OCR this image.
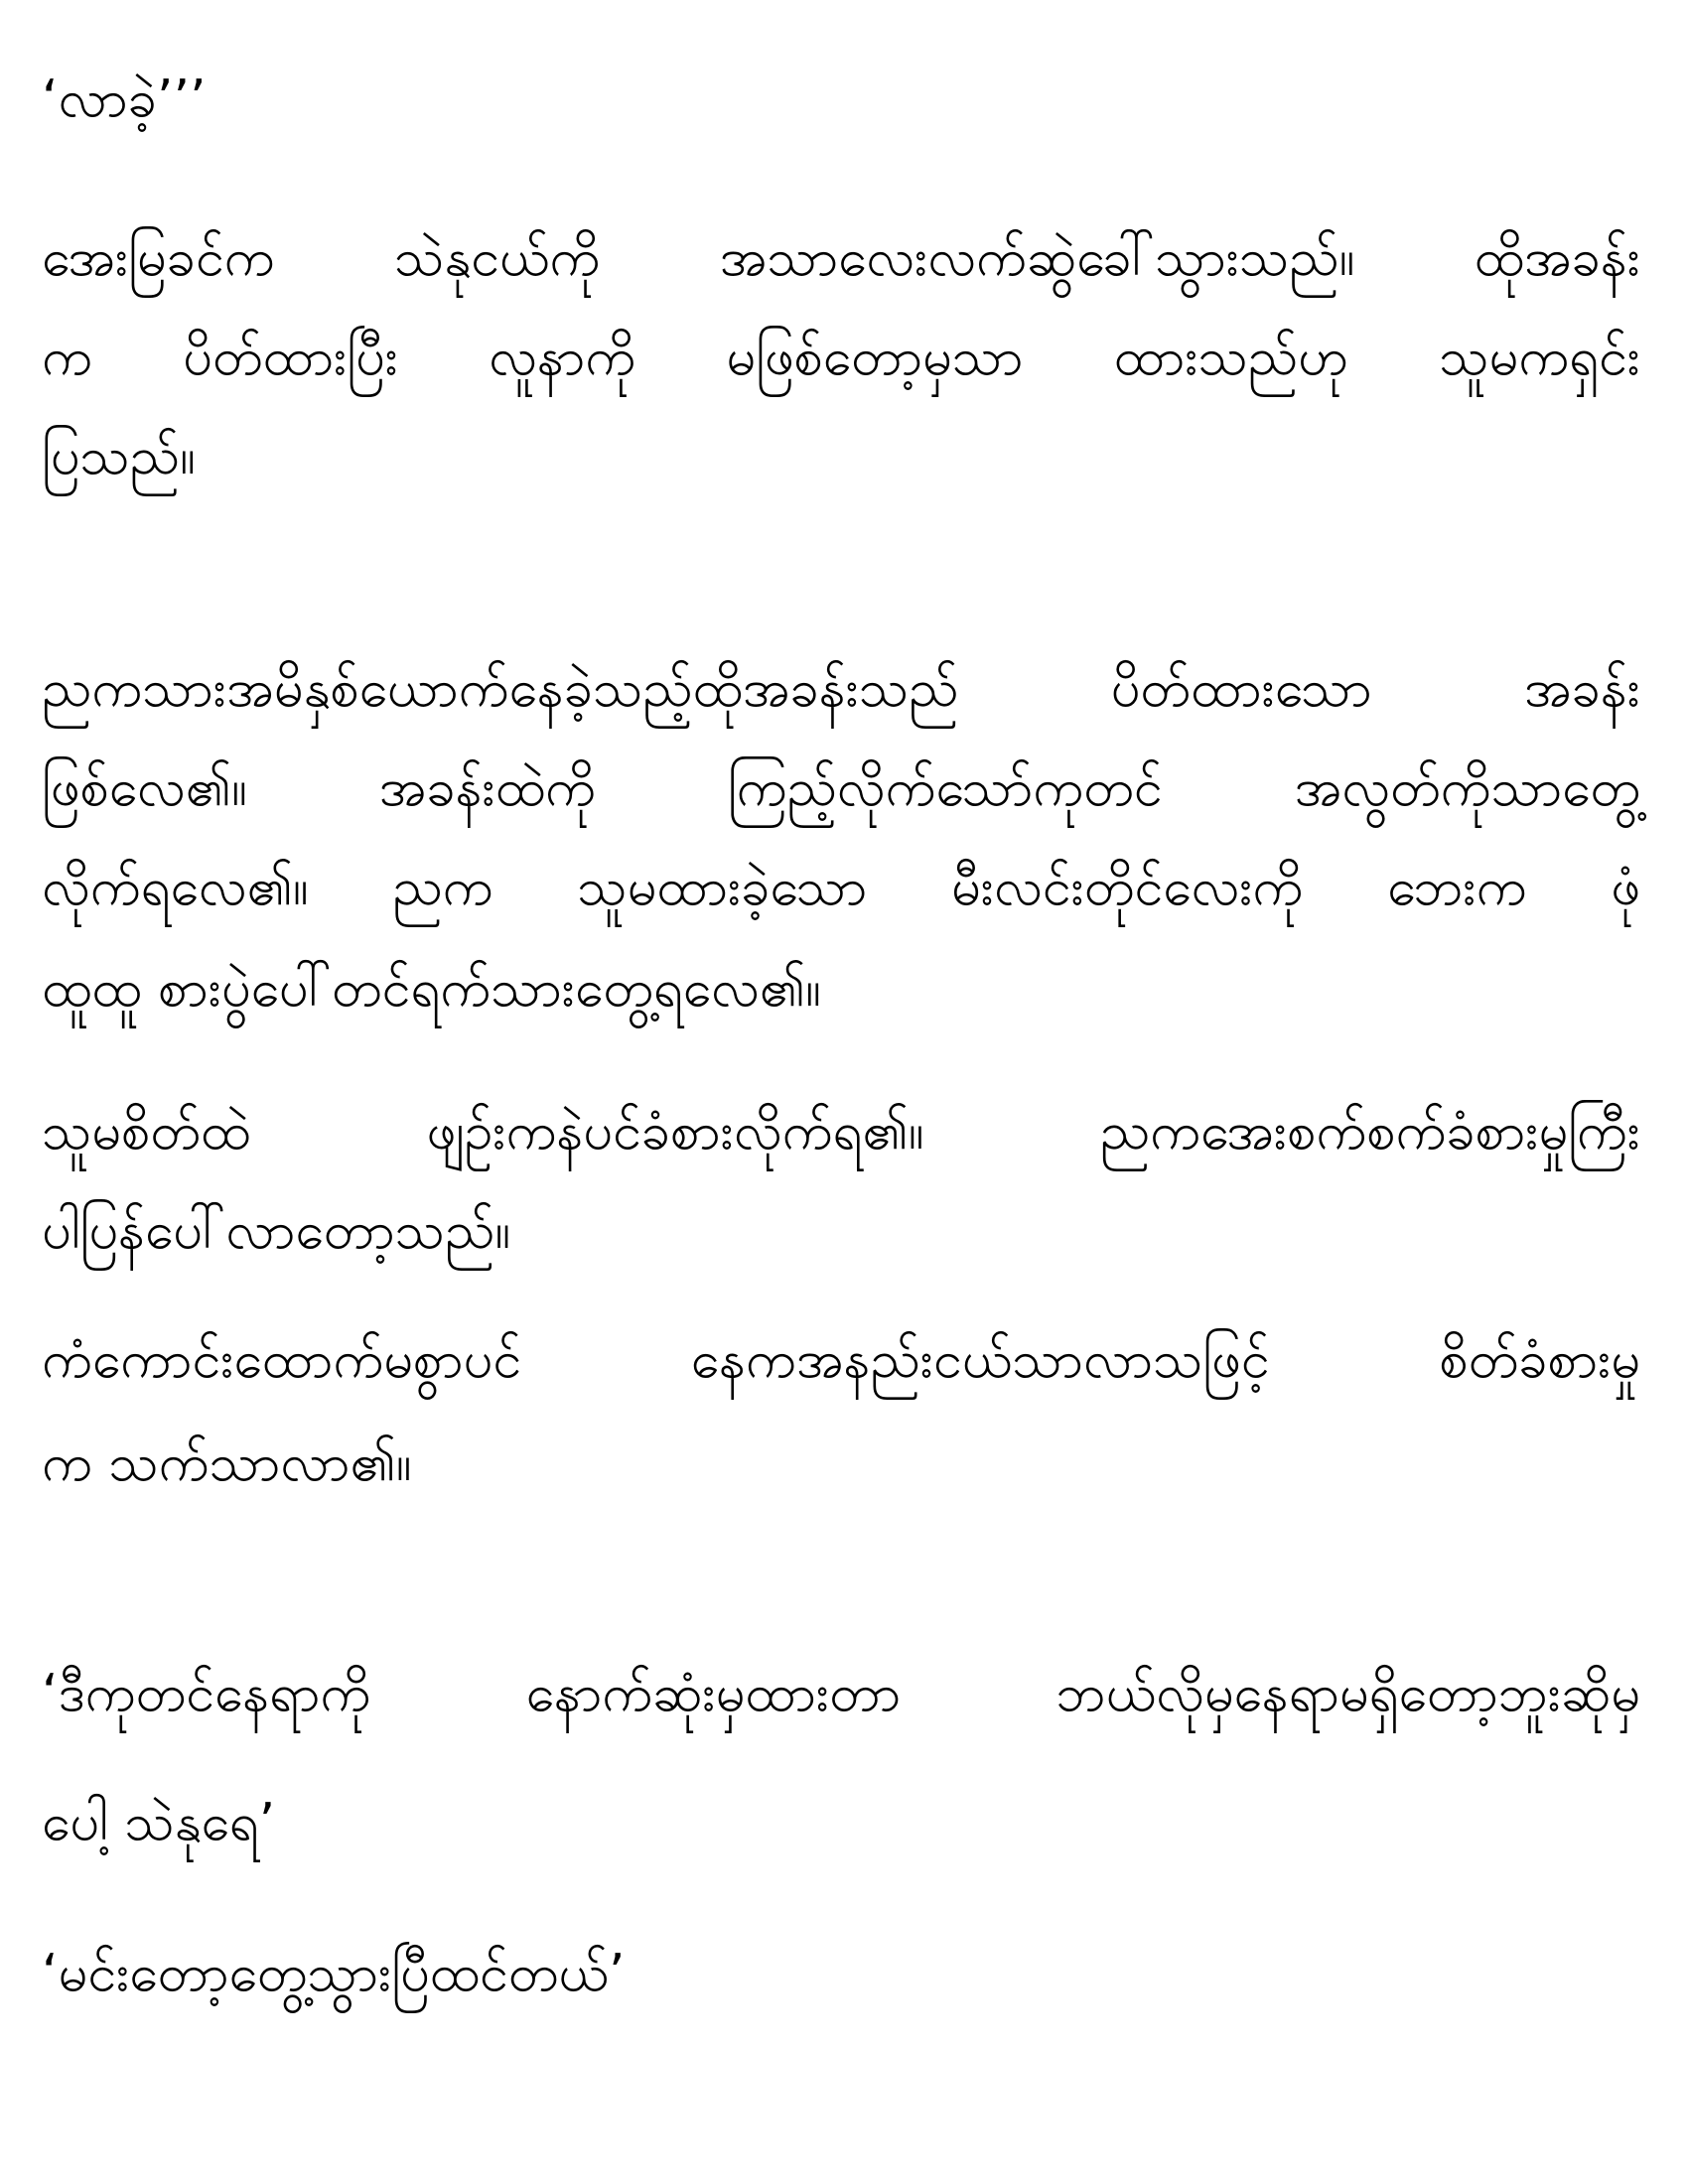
‘လာခဲ့’’’

အေးမြခင်က သဲနုငယ်ကို အသာလေးလက်ဆွဲခေါ်သွားသည်။ ထိုအခန်း

က ပိတ်ထားပြီး လူနာကို မဖြစ်တော့မှသာ ထားသည်ဟု သူမကရှင်း

ပြသည်။

ညကသားအမိနှစ်ယောက်နေခဲ့သည့်ထိုအခန်းသည် ပိတ်ထားသော အခန်း

ဖြစ်လေ၏။ အခန်းထဲကို ကြည့်လိုက်သော်ကုတင် အလွတ်ကိုသာတွေ့

လိုက်ရလေ၏။ ညက သူမထားခဲ့သော မီးလင်းတိုင်လေးကို ဘေးက ဖုံ

ထူထူ စားပွဲပေါ်တင်ရက်သားတွေ့ရလေ၏။

သူမစိတ်ထဲ ဖျဉ်းကနဲပင်ခံစားလိုက်ရ၏။ ညကအေးစက်စက်ခံစားမှုကြီး

ပါပြန်ပေါ်လာတော့သည်။

ကံကောင်းထောက်မစွာပင် နေကအနည်းငယ်သာလာသဖြင့် စိတ်ခံစားမှု

က သက်သာလာ၏။

‘ဒီကုတင်နေရာကို နောက်ဆုံးမှထားတာ ဘယ်လိုမှနေရာမရှိတော့ဘူးဆိုမှ

ပေါ့ သဲနုရေ’

‘မင်းတော့တွေ့သွားပြီထင်တယ်’
